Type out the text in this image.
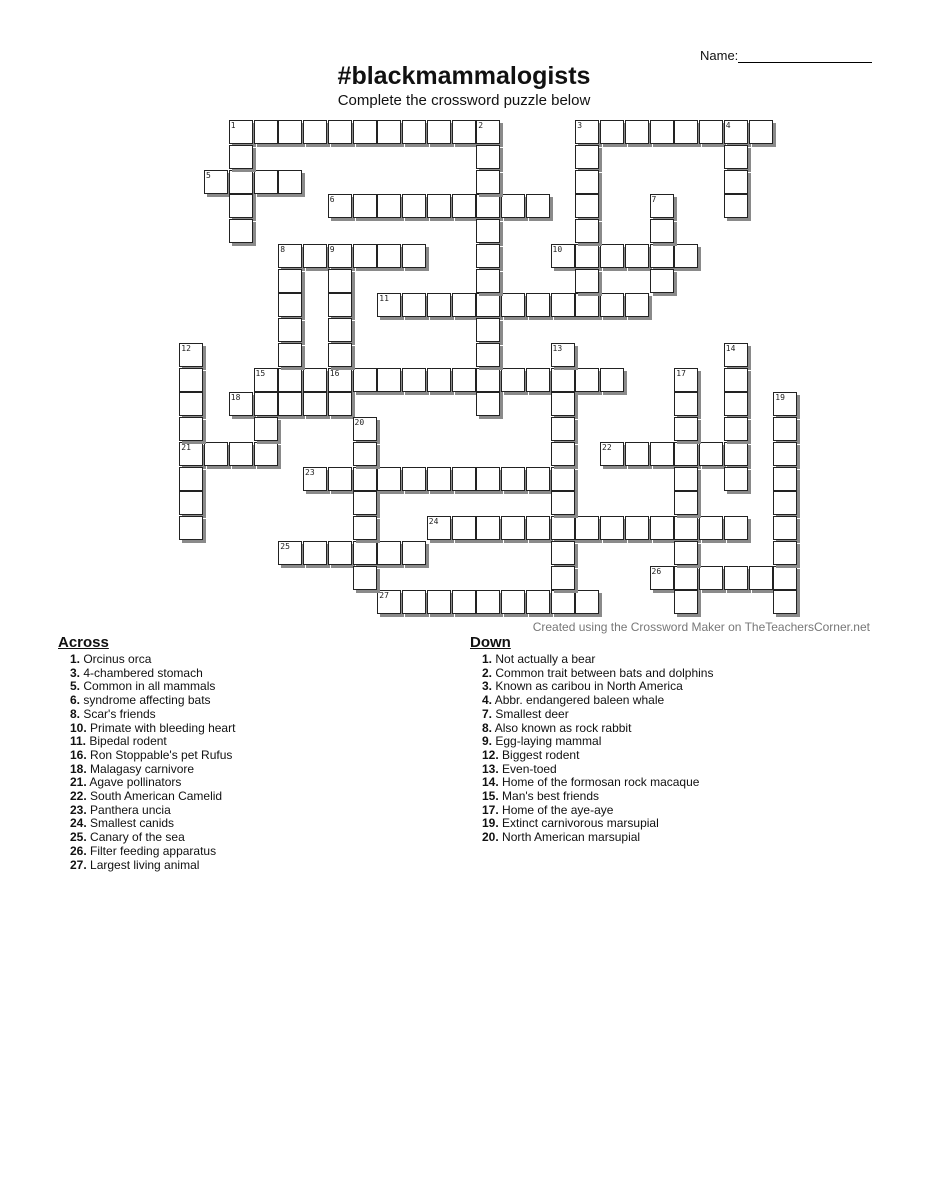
Name:
#blackmammalogists
Complete the crossword puzzle below
1	3
5
6
8	10
11
15	16
18
21	22
23
24
25
26
27
2	4
7
9
12	13	14
17
19
20
Created using the Crossword Maker on TheTeachersCorner.net
Across
1. Orcinus orca
3. 4-chambered stomach
5. Common in all mammals
6. syndrome affecting bats
8. Scar's friends
10. Primate with bleeding heart
11. Bipedal rodent
16. Ron Stoppable's pet Rufus
18. Malagasy carnivore
21. Agave pollinators
22. South American Camelid
23. Panthera uncia
24. Smallest canids
25. Canary of the sea
26. Filter feeding apparatus
27. Largest living animal
Down
1. Not actually a bear
2. Common trait between bats and dolphins
3. Known as caribou in North America
4. Abbr. endangered baleen whale
7. Smallest deer
8. Also known as rock rabbit
9. Egg-laying mammal
12. Biggest rodent
13. Even-toed
14. Home of the formosan rock macaque
15. Man's best friends
17. Home of the aye-aye
19. Extinct carnivorous marsupial
20. North American marsupial
